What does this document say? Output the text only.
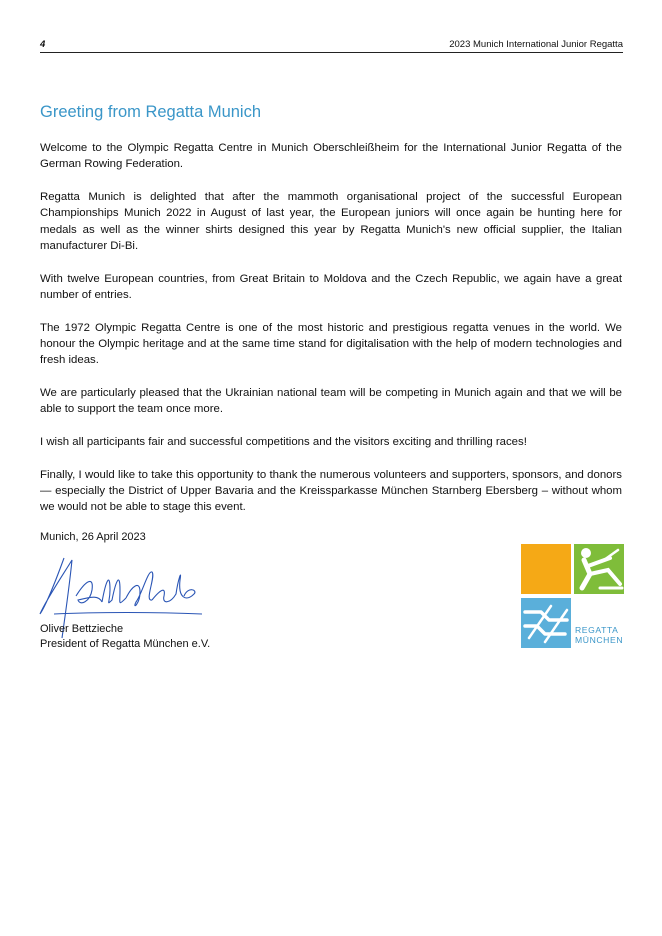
4	2023 Munich International Junior Regatta
Greeting from Regatta Munich

Welcome to the Olympic Regatta Centre in Munich Oberschleißheim for the International Junior Regatta of the German Rowing Federation.

Regatta Munich is delighted that after the mammoth organisational project of the successful European Championships Munich 2022 in August of last year, the European juniors will once again be hunting here for medals as well as the winner shirts designed this year by Regatta Munich's new official supplier, the Italian manufacturer Di-Bi.

With twelve European countries, from Great Britain to Moldova and the Czech Republic, we again have a great number of entries.

The 1972 Olympic Regatta Centre is one of the most historic and prestigious regatta venues in the world. We honour the Olympic heritage and at the same time stand for digitalisation with the help of modern technologies and fresh ideas.

We are particularly pleased that the Ukrainian national team will be competing in Munich again and that we will be able to support the team once more.

I wish all participants fair and successful competitions and the visitors exciting and thrilling races!

Finally, I would like to take this opportunity to thank the numerous volunteers and supporters, sponsors, and donors — especially the District of Upper Bavaria and the Kreissparkasse München Starnberg Ebersberg – without whom we would not be able to stage this event.

Munich, 26 April 2023
Oliver Bettzieche
President of Regatta München e.V.
REGATTA
MÜNCHEN
